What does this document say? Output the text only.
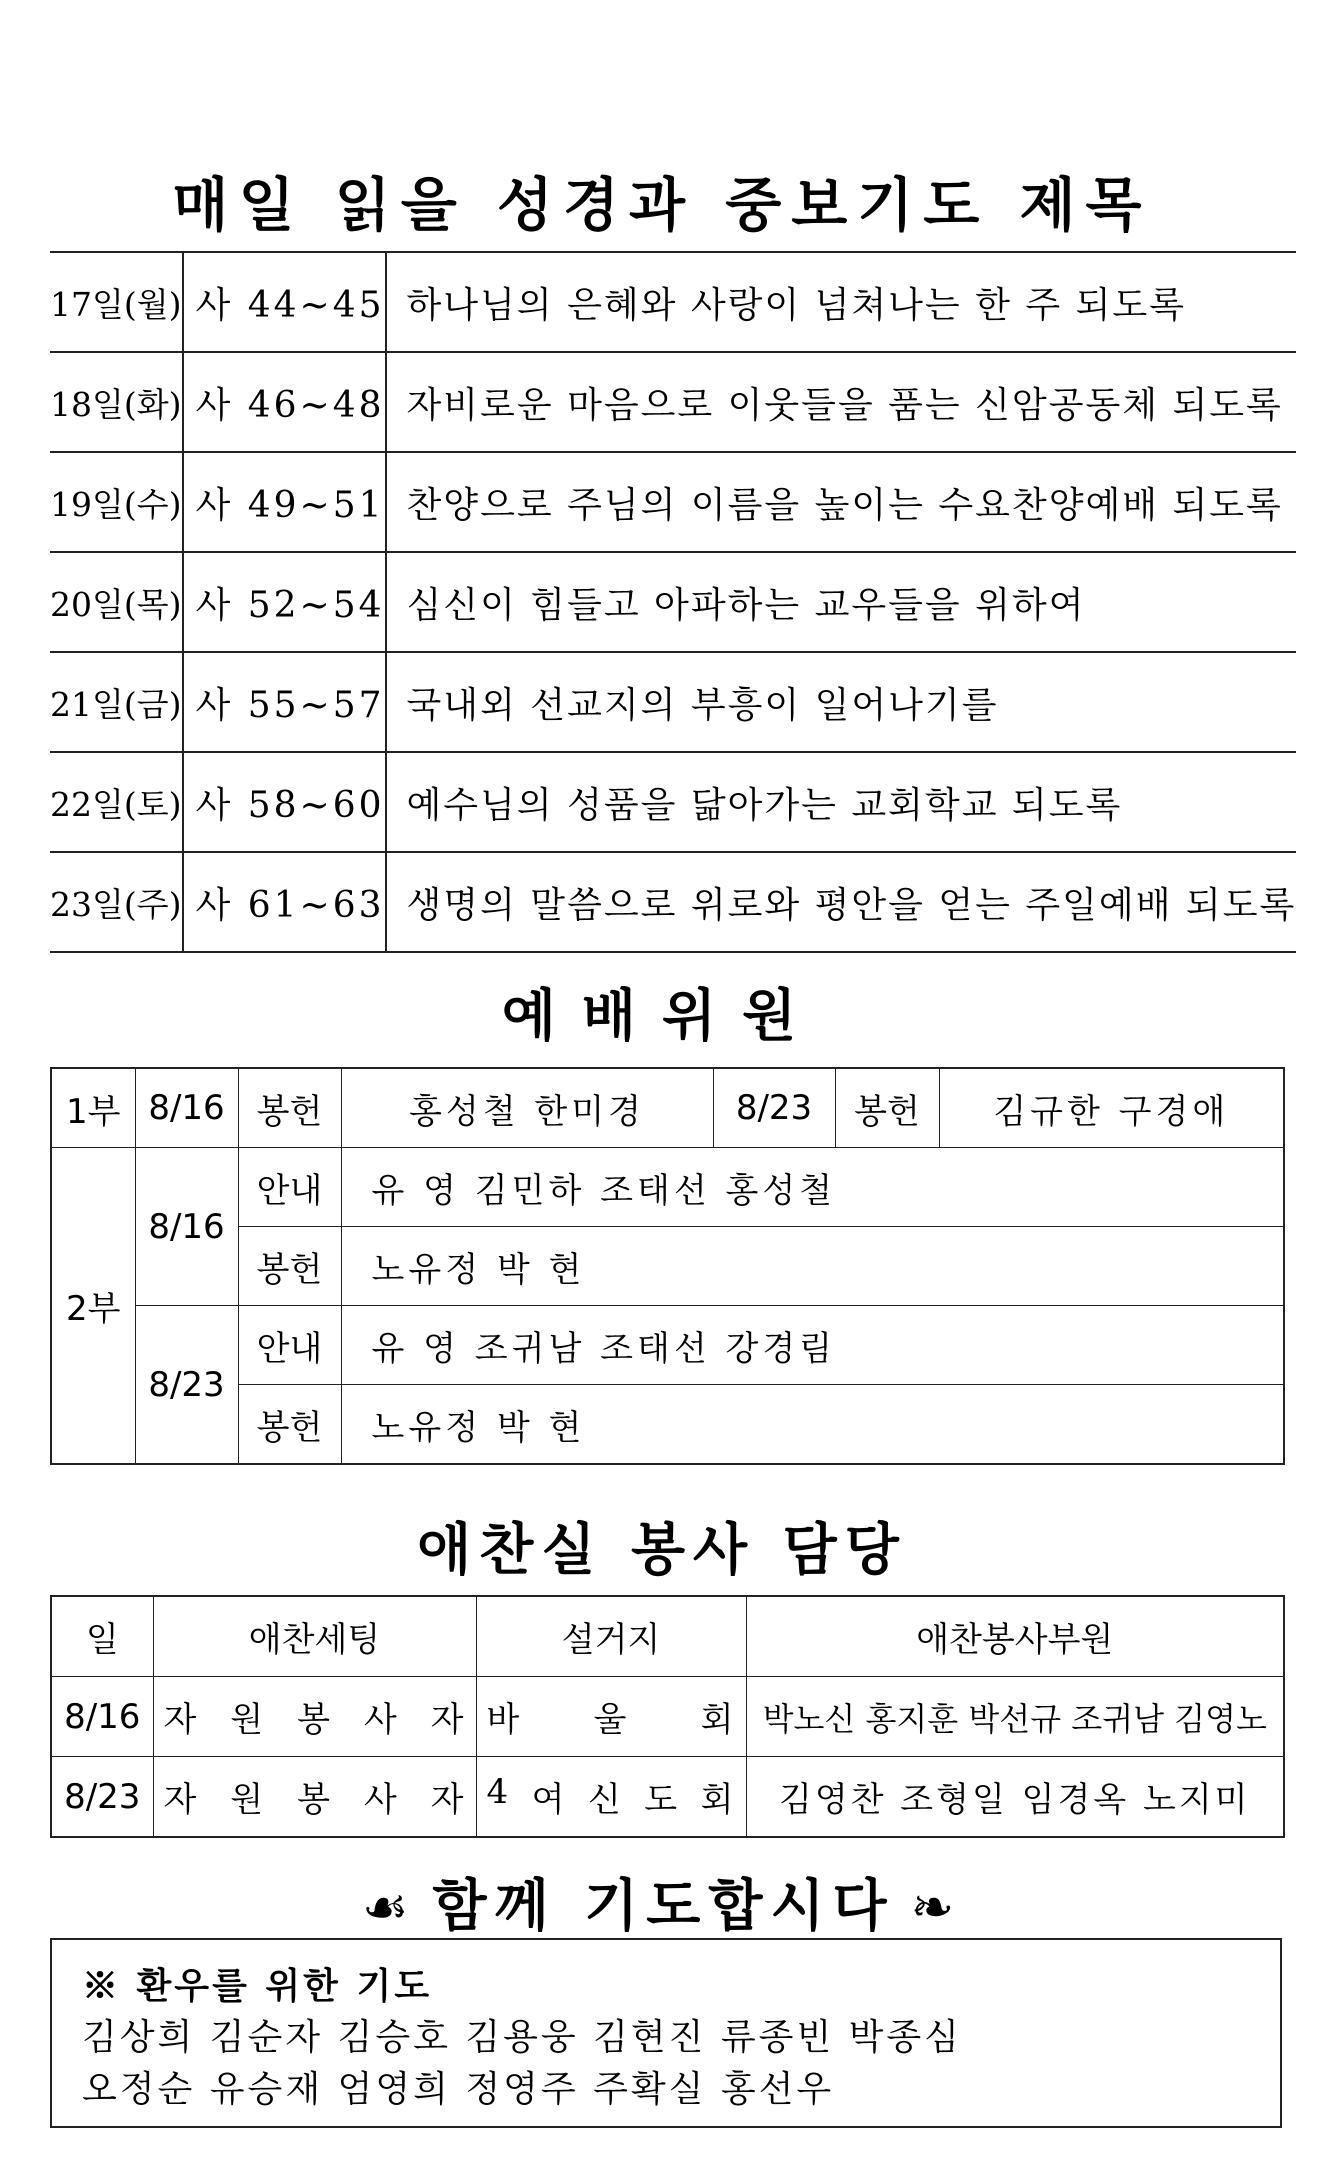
매일 읽을 성경과 중보기도 제목
17일(월)	사 44~45	하나님의 은혜와 사랑이 넘쳐나는 한 주 되도록
18일(화)	사 46~48	자비로운 마음으로 이웃들을 품는 신암공동체 되도록
19일(수)	사 49~51	찬양으로 주님의 이름을 높이는 수요찬양예배 되도록
20일(목)	사 52~54	심신이 힘들고 아파하는 교우들을 위하여
21일(금)	사 55~57	국내외 선교지의 부흥이 일어나기를
22일(토)	사 58~60	예수님의 성품을 닮아가는 교회학교 되도록
23일(주)	사 61~63	생명의 말씀으로 위로와 평안을 얻는 주일예배 되도록
예배위원
1부	8/16	봉헌	홍성철 한미경	8/23	봉헌	김규한 구경애
2부	8/16	안내	유 영 김민하 조태선 홍성철			
		봉헌	노유정 박 현			
	8/23	안내	유 영 조귀남 조태선 강경림			
		봉헌	노유정 박 현			
애찬실 봉사 담당
일	애찬세팅	설거지	애찬봉사부원
8/16	자 원 봉 사 자	바 울 회	박노신 홍지훈 박선규 조귀남 김영노
8/23	자 원 봉 사 자	4 여 신 도 회	김영찬 조형일 임경옥 노지미
☙ 함께 기도합시다 ❧
※ 환우를 위한 기도
김상희 김순자 김승호 김용웅 김현진 류종빈 박종심
오정순 유승재 엄영희 정영주 주확실 홍선우
